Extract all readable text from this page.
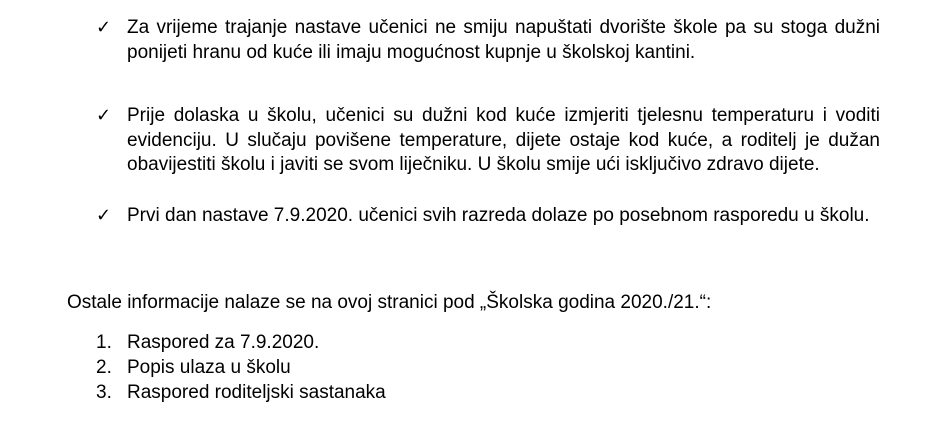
✓ Za vrijeme trajanje nastave učenici ne smiju napuštati dvorište škole pa su stoga dužni ponijeti hranu od kuće ili imaju mogućnost kupnje u školskoj kantini.
✓ Prije dolaska u školu, učenici su dužni kod kuće izmjeriti tjelesnu temperaturu i voditi evidenciju. U slučaju povišene temperature, dijete ostaje kod kuće, a roditelj je dužan obavijestiti školu i javiti se svom liječniku. U školu smije ući isključivo zdravo dijete.
✓ Prvi dan nastave 7.9.2020. učenici svih razreda dolaze po posebnom rasporedu u školu.
Ostale informacije nalaze se na ovoj stranici pod „Školska godina 2020./21.“:
1. Raspored za 7.9.2020.
2. Popis ulaza u školu
3. Raspored roditeljski sastanaka
